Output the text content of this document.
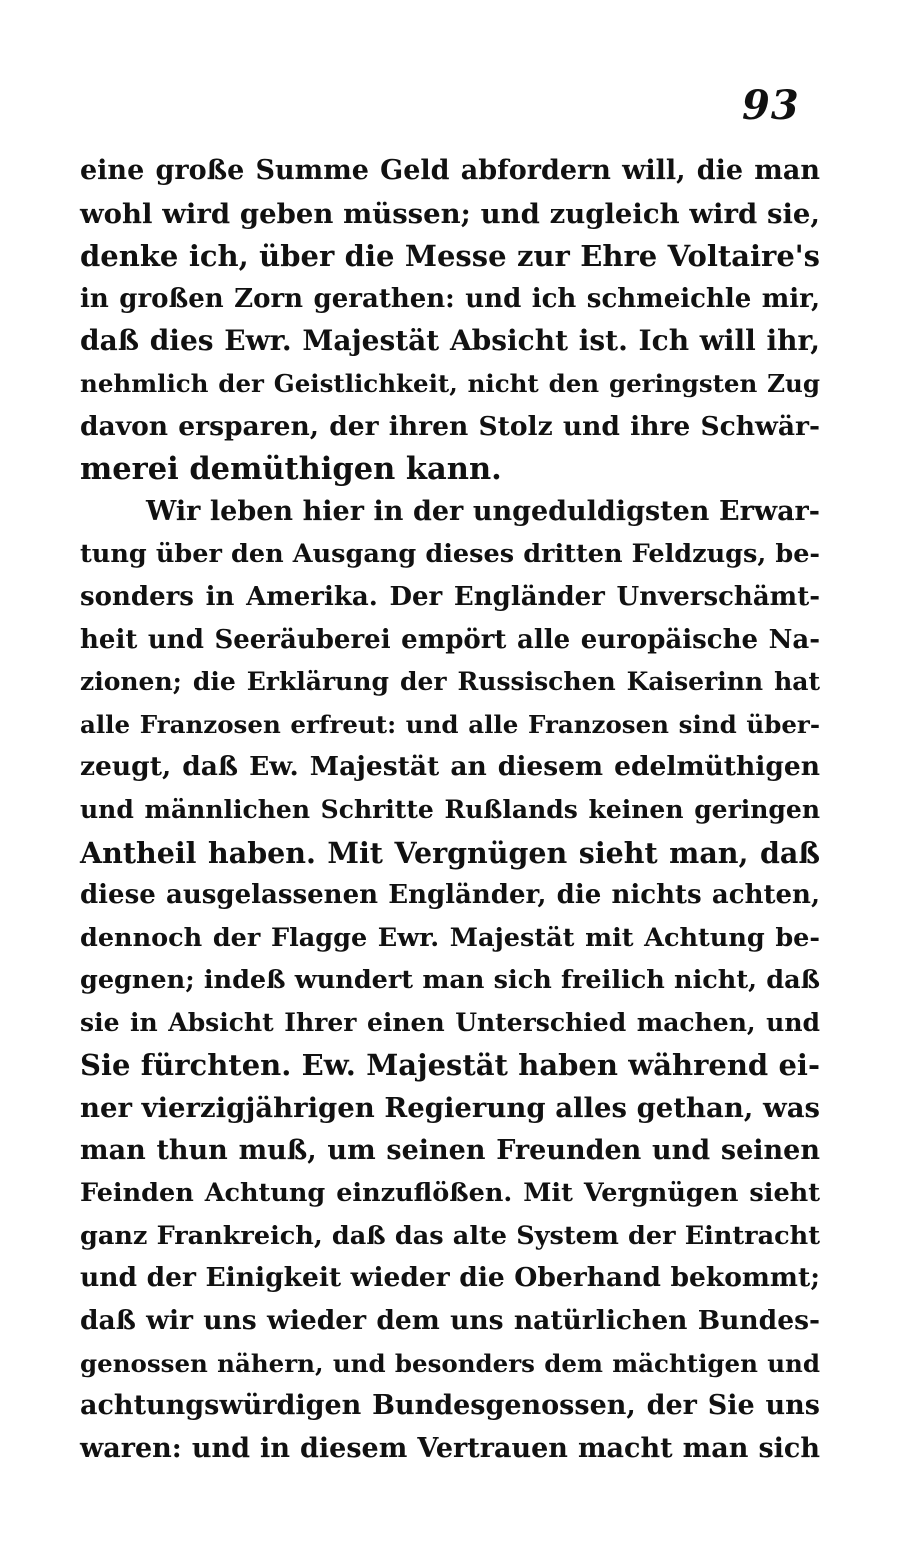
93
eine große Summe Geld abfordern will, die man
wohl wird geben müssen; und zugleich wird sie,
denke ich, über die Messe zur Ehre Voltaire's
in großen Zorn gerathen: und ich schmeichle mir,
daß dies Ewr. Majestät Absicht ist. Ich will ihr,
nehmlich der Geistlichkeit, nicht den geringsten Zug
davon ersparen, der ihren Stolz und ihre Schwär-
merei demüthigen kann.
Wir leben hier in der ungeduldigsten Erwar-
tung über den Ausgang dieses dritten Feldzugs, be-
sonders in Amerika. Der Engländer Unverschämt-
heit und Seeräuberei empört alle europäische Na-
zionen; die Erklärung der Russischen Kaiserinn hat
alle Franzosen erfreut: und alle Franzosen sind über-
zeugt, daß Ew. Majestät an diesem edelmüthigen
und männlichen Schritte Rußlands keinen geringen
Antheil haben. Mit Vergnügen sieht man, daß
diese ausgelassenen Engländer, die nichts achten,
dennoch der Flagge Ewr. Majestät mit Achtung be-
gegnen; indeß wundert man sich freilich nicht, daß
sie in Absicht Ihrer einen Unterschied machen, und
Sie fürchten. Ew. Majestät haben während ei-
ner vierzigjährigen Regierung alles gethan, was
man thun muß, um seinen Freunden und seinen
Feinden Achtung einzuflößen. Mit Vergnügen sieht
ganz Frankreich, daß das alte System der Eintracht
und der Einigkeit wieder die Oberhand bekommt;
daß wir uns wieder dem uns natürlichen Bundes-
genossen nähern, und besonders dem mächtigen und
achtungswürdigen Bundesgenossen, der Sie uns
waren: und in diesem Vertrauen macht man sich
